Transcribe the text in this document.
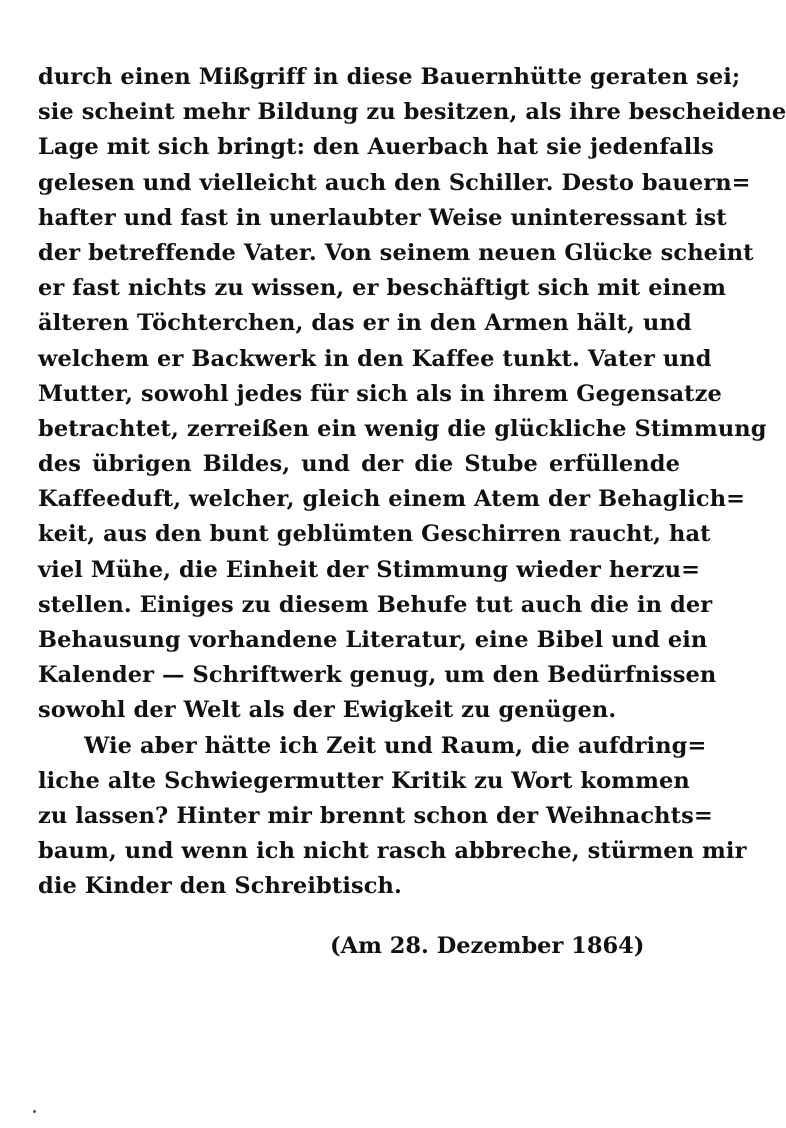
durch einen Mißgriff in diese Bauernhütte geraten sei;
sie scheint mehr Bildung zu besitzen, als ihre bescheidene
Lage mit sich bringt: den Auerbach hat sie jedenfalls
gelesen und vielleicht auch den Schiller. Desto bauern=
hafter und fast in unerlaubter Weise uninteressant ist
der betreffende Vater. Von seinem neuen Glücke scheint
er fast nichts zu wissen, er beschäftigt sich mit einem
älteren Töchterchen, das er in den Armen hält, und
welchem er Backwerk in den Kaffee tunkt. Vater und
Mutter, sowohl jedes für sich als in ihrem Gegensatze
betrachtet, zerreißen ein wenig die glückliche Stimmung
des übrigen Bildes, und der die Stube erfüllende
Kaffeeduft, welcher, gleich einem Atem der Behaglich=
keit, aus den bunt geblümten Geschirren raucht, hat
viel Mühe, die Einheit der Stimmung wieder herzu=
stellen. Einiges zu diesem Behufe tut auch die in der
Behausung vorhandene Literatur, eine Bibel und ein
Kalender — Schriftwerk genug, um den Bedürfnissen
sowohl der Welt als der Ewigkeit zu genügen.
Wie aber hätte ich Zeit und Raum, die aufdring=
liche alte Schwiegermutter Kritik zu Wort kommen
zu lassen? Hinter mir brennt schon der Weihnachts=
baum, und wenn ich nicht rasch abbreche, stürmen mir
die Kinder den Schreibtisch.
(Am 28. Dezember 1864)
